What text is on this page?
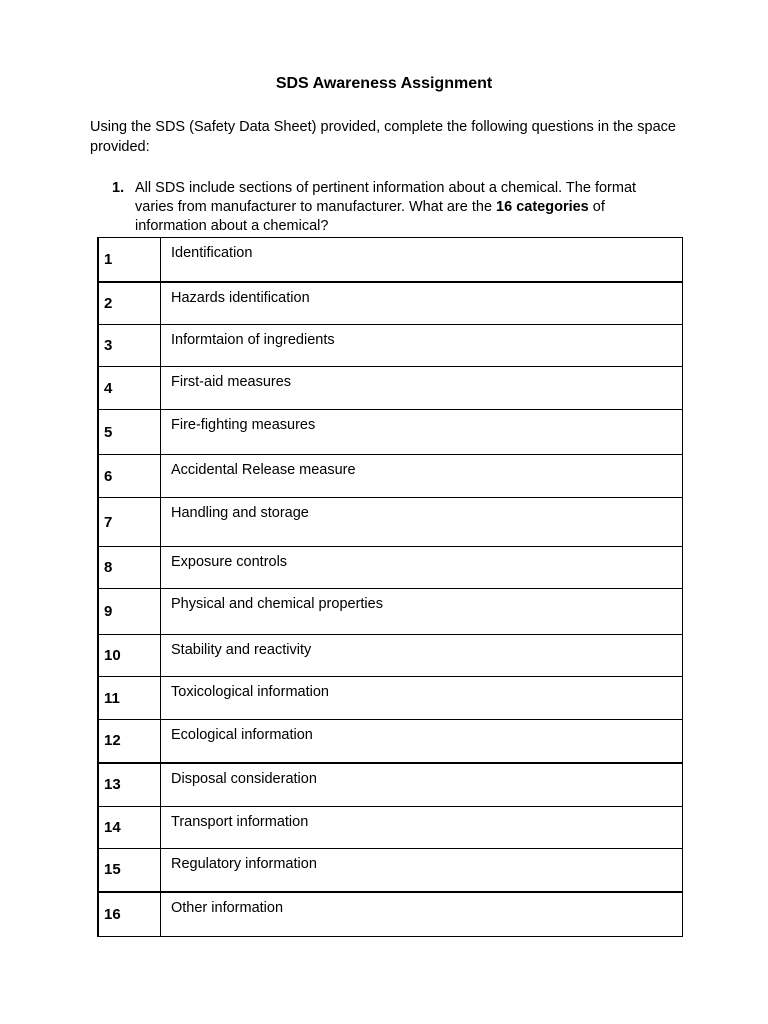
SDS Awareness Assignment
Using the SDS (Safety Data Sheet) provided, complete the following questions in the space provided:
1. All SDS include sections of pertinent information about a chemical. The format varies from manufacturer to manufacturer. What are the 16 categories of information about a chemical?
1	Identification
2	Hazards identification
3	Informtaion of ingredients
4	First-aid measures
5	Fire-fighting measures
6	Accidental Release measure
7	Handling and storage
8	Exposure controls
9	Physical and chemical properties
10	Stability and reactivity
11	Toxicological information
12	Ecological information
13	Disposal consideration
14	Transport information
15	Regulatory information
16	Other information
